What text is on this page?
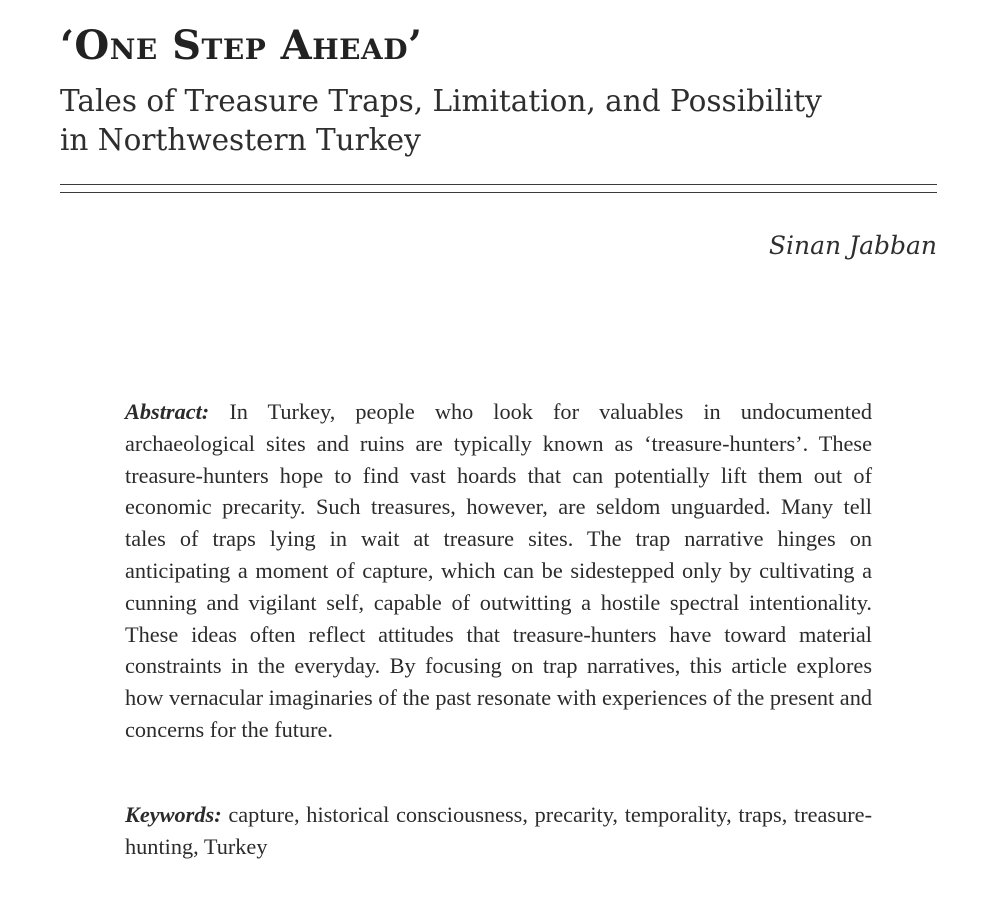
‘One Step Ahead’
Tales of Treasure Traps, Limitation, and Possibility
in Northwestern Turkey
Sinan Jabban

Abstract: In Turkey, people who look for valuables in undocumented archaeological sites and ruins are typically known as ‘treasure-hunters’. These treasure-hunters hope to find vast hoards that can potentially lift them out of economic precarity. Such treasures, however, are seldom unguarded. Many tell tales of traps lying in wait at treasure sites. The trap narrative hinges on anticipating a moment of capture, which can be sidestepped only by cultivating a cunning and vigilant self, capable of outwitting a hostile spectral intentionality. These ideas often reflect attitudes that treasure-hunters have toward material constraints in the everyday. By focusing on trap narratives, this article explores how vernacular imaginaries of the past resonate with experiences of the present and concerns for the future.

Keywords: capture, historical consciousness, precarity, temporality, traps, treasure-hunting, Turkey
